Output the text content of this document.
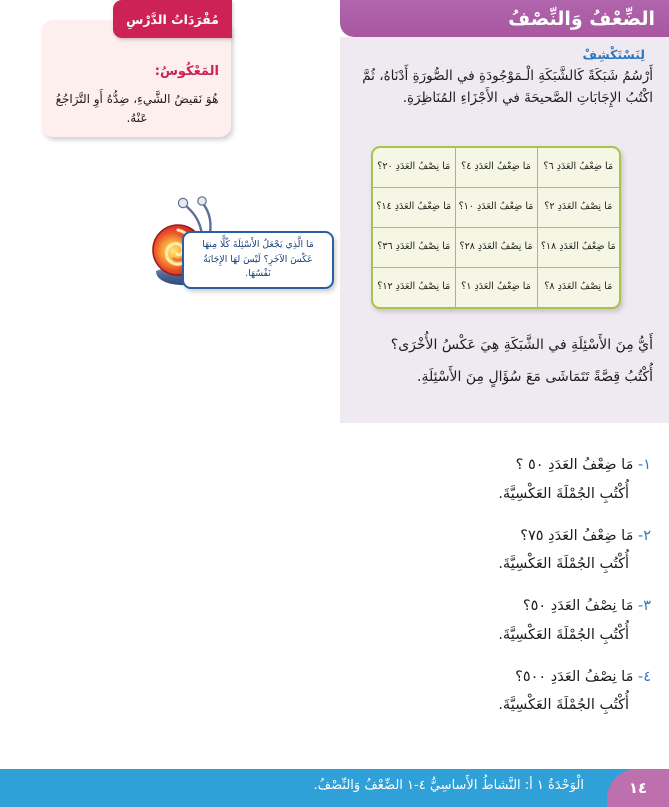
الضِّعْفُ وَالنِّصْفُ
لِنَسْتَكْشِفْ
أَرْسُمُ شَبَكَةً كَالشَّبَكَةِ الْـمَوْجُودَةِ في الصُّورَةِ أَدْنَاهُ، ثُمَّ اكْتُبُ الإِجَابَاتِ الصَّحيحَةَ في الأَجْزَاءِ المُنَاظِرَةِ.
مَا ضِعْفُ العَدَدِ ٦؟	مَا ضِعْفُ العَدَدِ ٤؟	مَا نِصْفُ العَدَدِ ٢٠؟
مَا نِصْفُ العَدَدِ ٢؟	مَا ضِعْفُ العَدَدِ ١٠؟	مَا ضِعْفُ العَدَدِ ١٤؟
مَا ضِعْفُ العَدَدِ ١٨؟	مَا نِصْفُ العَدَدِ ٢٨؟	مَا نِصْفُ العَدَدِ ٣٦؟
مَا نِصْفُ العَدَدِ ٨؟	مَا ضِعْفُ العَدَدِ ١؟	مَا نِصْفُ العَدَدِ ١٢؟
أَيُّ مِنَ الأَسْئِلَةِ في الشَّبَكَةِ هِيَ عَكْسُ الأُخْرَى؟
أُكْتُبُ قِصَّةً تَتَمَاشَى مَعَ سُؤَالٍ مِنَ الأَسْئِلَةِ.
مَا الَّذِي يَجْعَلُ الأَسْئِلَةَ كُلًّا مِنهَا عَكْسَ الآخَرِ؟ لَيْسَ لهَا الإِجَابَةُ نَفْسُهَا.
المَعْكُوسُ:
هُوَ نَقيضُ الشَّيءِ، ضِدُّهُ أَوِ التَّرَاجُعُ عَنْهُ.
مُفْرَدَاتُ الدَّرْسِ
١- مَا ضِعْفُ العَدَدِ ٥٠ ؟
أُكْتُبِ الجُمْلَةَ العَكْسِيَّةَ.
٢- مَا ضِعْفُ العَدَدِ ٧٥؟
أُكْتُبِ الجُمْلَةَ العَكْسِيَّةَ.
٣- مَا نِصْفُ العَدَدِ ٥٠؟
أُكْتُبِ الجُمْلَةَ العَكْسِيَّةَ.
٤- مَا نِصْفُ العَدَدِ ٥٠٠؟
أُكْتُبِ الجُمْلَةَ العَكْسِيَّةَ.
الْوَحْدَةُ ١ أ: النَّشاطُ الأَساسِيُّ ٤-١ الضِّعْفُ وَالنِّصْفُ.	١٤
